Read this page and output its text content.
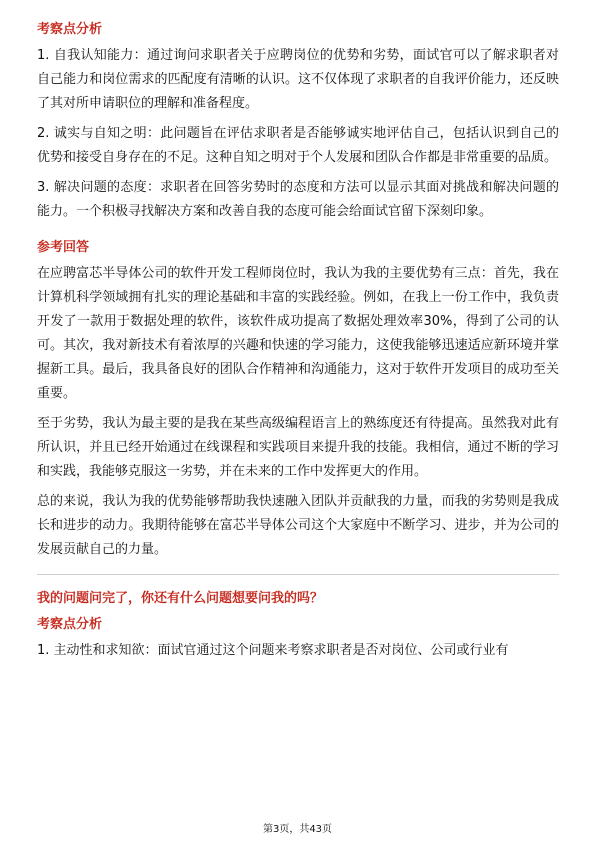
考察点分析

1. 自我认知能力：通过询问求职者关于应聘岗位的优势和劣势，面试官可以了解求职者对自己能力和岗位需求的匹配度有清晰的认识。这不仅体现了求职者的自我评价能力，还反映了其对所申请职位的理解和准备程度。

2. 诚实与自知之明：此问题旨在评估求职者是否能够诚实地评估自己，包括认识到自己的优势和接受自身存在的不足。这种自知之明对于个人发展和团队合作都是非常重要的品质。

3. 解决问题的态度：求职者在回答劣势时的态度和方法可以显示其面对挑战和解决问题的能力。一个积极寻找解决方案和改善自我的态度可能会给面试官留下深刻印象。

参考回答

在应聘富芯半导体公司的软件开发工程师岗位时，我认为我的主要优势有三点：首先，我在计算机科学领域拥有扎实的理论基础和丰富的实践经验。例如，在我上一份工作中，我负责开发了一款用于数据处理的软件，该软件成功提高了数据处理效率30%，得到了公司的认可。其次，我对新技术有着浓厚的兴趣和快速的学习能力，这使我能够迅速适应新环境并掌握新工具。最后，我具备良好的团队合作精神和沟通能力，这对于软件开发项目的成功至关重要。

至于劣势，我认为最主要的是我在某些高级编程语言上的熟练度还有待提高。虽然我对此有所认识，并且已经开始通过在线课程和实践项目来提升我的技能。我相信，通过不断的学习和实践，我能够克服这一劣势，并在未来的工作中发挥更大的作用。

总的来说，我认为我的优势能够帮助我快速融入团队并贡献我的力量，而我的劣势则是我成长和进步的动力。我期待能够在富芯半导体公司这个大家庭中不断学习、进步，并为公司的发展贡献自己的力量。

我的问题问完了，你还有什么问题想要问我的吗？
考察点分析

1. 主动性和求知欲：面试官通过这个问题来考察求职者是否对岗位、公司或行业有

第3页，共43页
